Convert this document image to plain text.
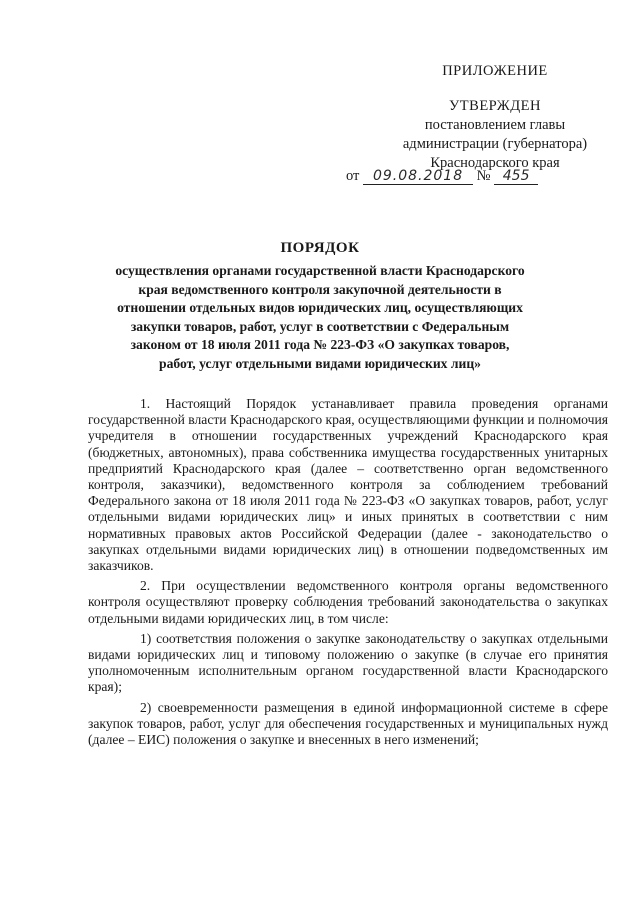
ПРИЛОЖЕНИЕ
УТВЕРЖДЕН
постановлением главы
администрации (губернатора)
Краснодарского края
от 09.08.2018 № 455
ПОРЯДОК
осуществления органами государственной власти Краснодарского края ведомственного контроля закупочной деятельности в отношении отдельных видов юридических лиц, осуществляющих закупки товаров, работ, услуг в соответствии с Федеральным законом от 18 июля 2011 года № 223-ФЗ «О закупках товаров, работ, услуг отдельными видами юридических лиц»

1. Настоящий Порядок устанавливает правила проведения органами государственной власти Краснодарского края, осуществляющими функции и полномочия учредителя в отношении государственных учреждений Краснодарского края (бюджетных, автономных), права собственника имущества государственных унитарных предприятий Краснодарского края (далее – соответственно орган ведомственного контроля, заказчики), ведомственного контроля за соблюдением требований Федерального закона от 18 июля 2011 года № 223-ФЗ «О закупках товаров, работ, услуг отдельными видами юридических лиц» и иных принятых в соответствии с ним нормативных правовых актов Российской Федерации (далее - законодательство о закупках отдельными видами юридических лиц) в отношении подведомственных им заказчиков.

2. При осуществлении ведомственного контроля органы ведомственного контроля осуществляют проверку соблюдения требований законодательства о закупках отдельными видами юридических лиц, в том числе:

1) соответствия положения о закупке законодательству о закупках отдельными видами юридических лиц и типовому положению о закупке (в случае его принятия уполномоченным исполнительным органом государственной власти Краснодарского края);

2) своевременности размещения в единой информационной системе в сфере закупок товаров, работ, услуг для обеспечения государственных и муниципальных нужд (далее – ЕИС) положения о закупке и внесенных в него изменений;
